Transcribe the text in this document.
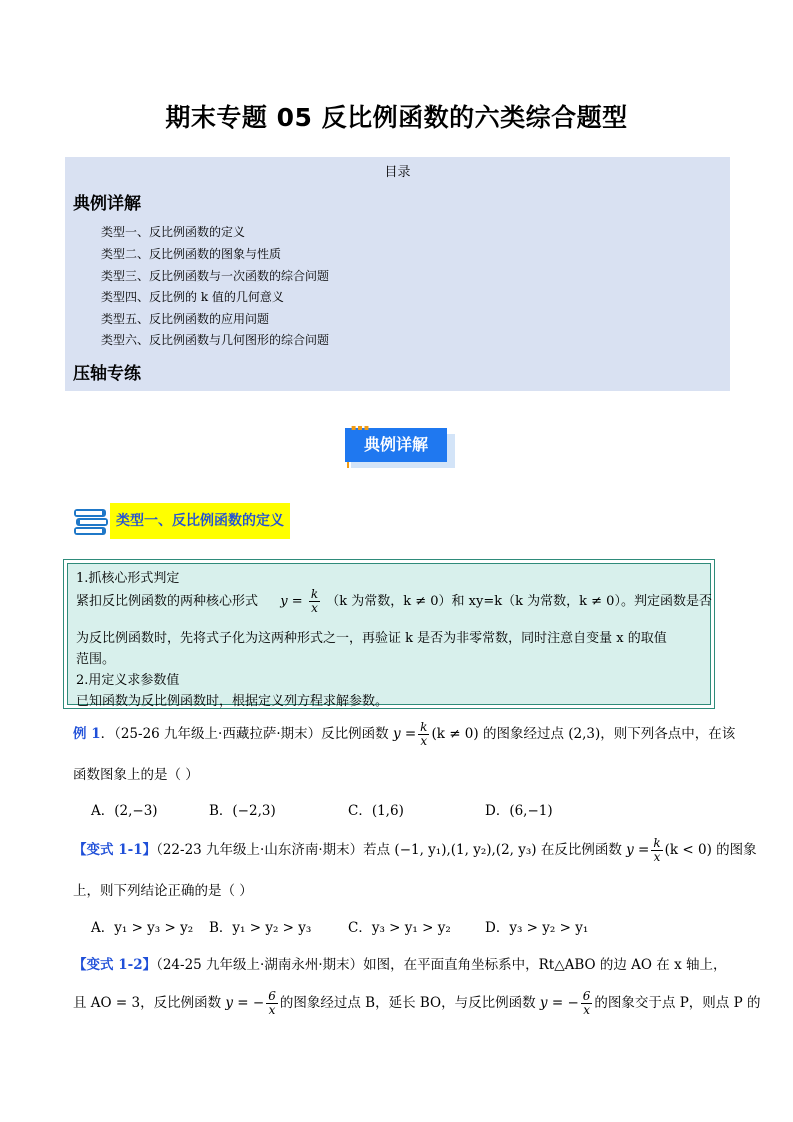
期末专题 05 反比例函数的六类综合题型
目录
典例详解
类型一、反比例函数的定义
类型二、反比例函数的图象与性质
类型三、反比例函数与一次函数的综合问题
类型四、反比例的 k 值的几何意义
类型五、反比例函数的应用问题
类型六、反比例函数与几何图形的综合问题
压轴专练
典例详解
▪▪▪
类型一、反比例函数的定义
1.抓核心形式判定
紧扣反比例函数的两种核心形式 $y = \frac{k}{x} (k$ 为常数，k ≠ 0）和 xy=k（k 为常数，k ≠ 0）。判定函数是否
为反比例函数时，先将式子化为这两种形式之一，再验证 k 是否为非零常数，同时注意自变量 x 的取值
范围。
2.用定义求参数值
已知函数为反比例函数时，根据定义列方程求解参数。
例 1．（25-26 九年级上·西藏拉萨·期末）反比例函数 $y = \frac{k}{x} (k \ne 0)$ 的图象经过点 (2,3)，则下列各点中，在该
函数图象上的是（ ）
A．(2,−3)	B．(−2,3)	C．(1,6)	D．(6,−1)
【变式 1-1】（22-23 九年级上·山东济南·期末）若点 (−1, y₁),(1, y₂),(2, y₃) 在反比例函数 $y = \frac{k}{x} (k < 0)$ 的图象
上，则下列结论正确的是（ ）
A．y₁ > y₃ > y₂ B．y₁ > y₂ > y₃	C．y₃ > y₁ > y₂	D．y₃ > y₂ > y₁
【变式 1-2】（24-25 九年级上·湖南永州·期末）如图，在平面直角坐标系中，Rt△ABO 的边 AO 在 x 轴上，
且 AO = 3，反比例函数 y = − $\frac{6}{x}$ 的图象经过点 B，延长 BO，与反比例函数 y = − $\frac{6}{x}$ 的图象交于点 P，则点 P 的
